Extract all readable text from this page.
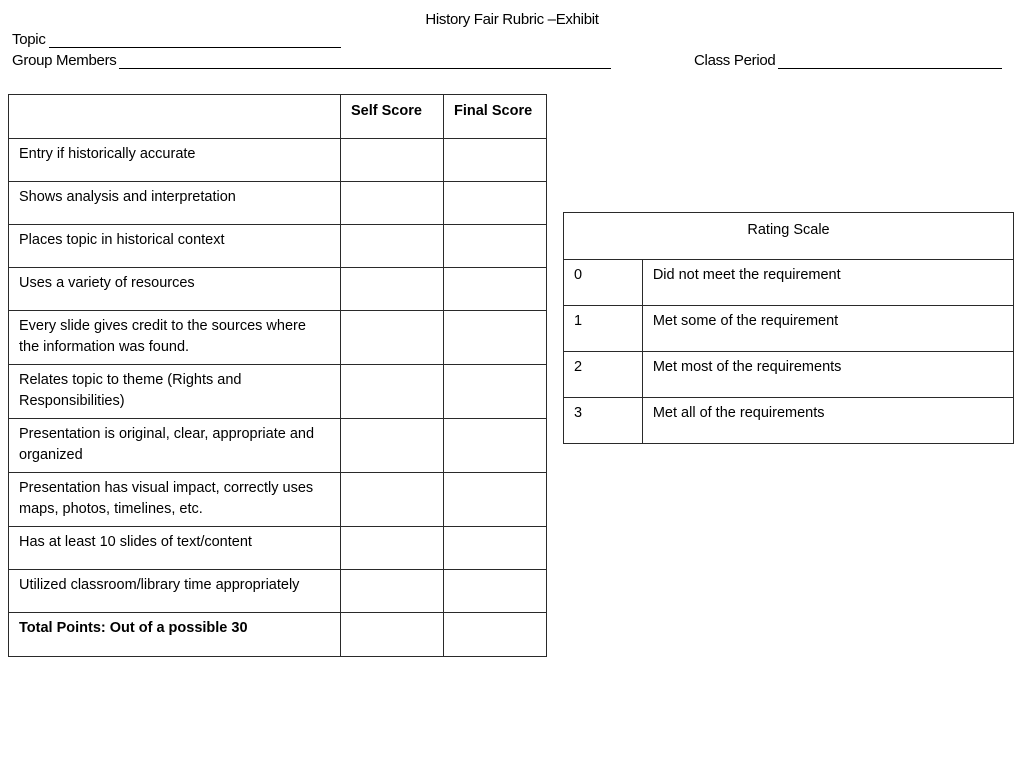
History Fair Rubric –Exhibit
Topic
Group Members	Class Period
	Self Score	Final Score
Entry if historically accurate		
Shows analysis and interpretation		
Places topic in historical context		
Uses a variety of resources		
Every slide gives credit to the sources where the information was found.		
Relates topic to theme (Rights and Responsibilities)		
Presentation is original, clear, appropriate and organized		
Presentation has visual impact, correctly uses maps, photos, timelines, etc.		
Has at least 10 slides of text/content		
Utilized classroom/library time appropriately		
Total Points: Out of a possible 30		
Rating Scale	
0	Did not meet the requirement
1	Met some of the requirement
2	Met most of the requirements
3	Met all of the requirements
